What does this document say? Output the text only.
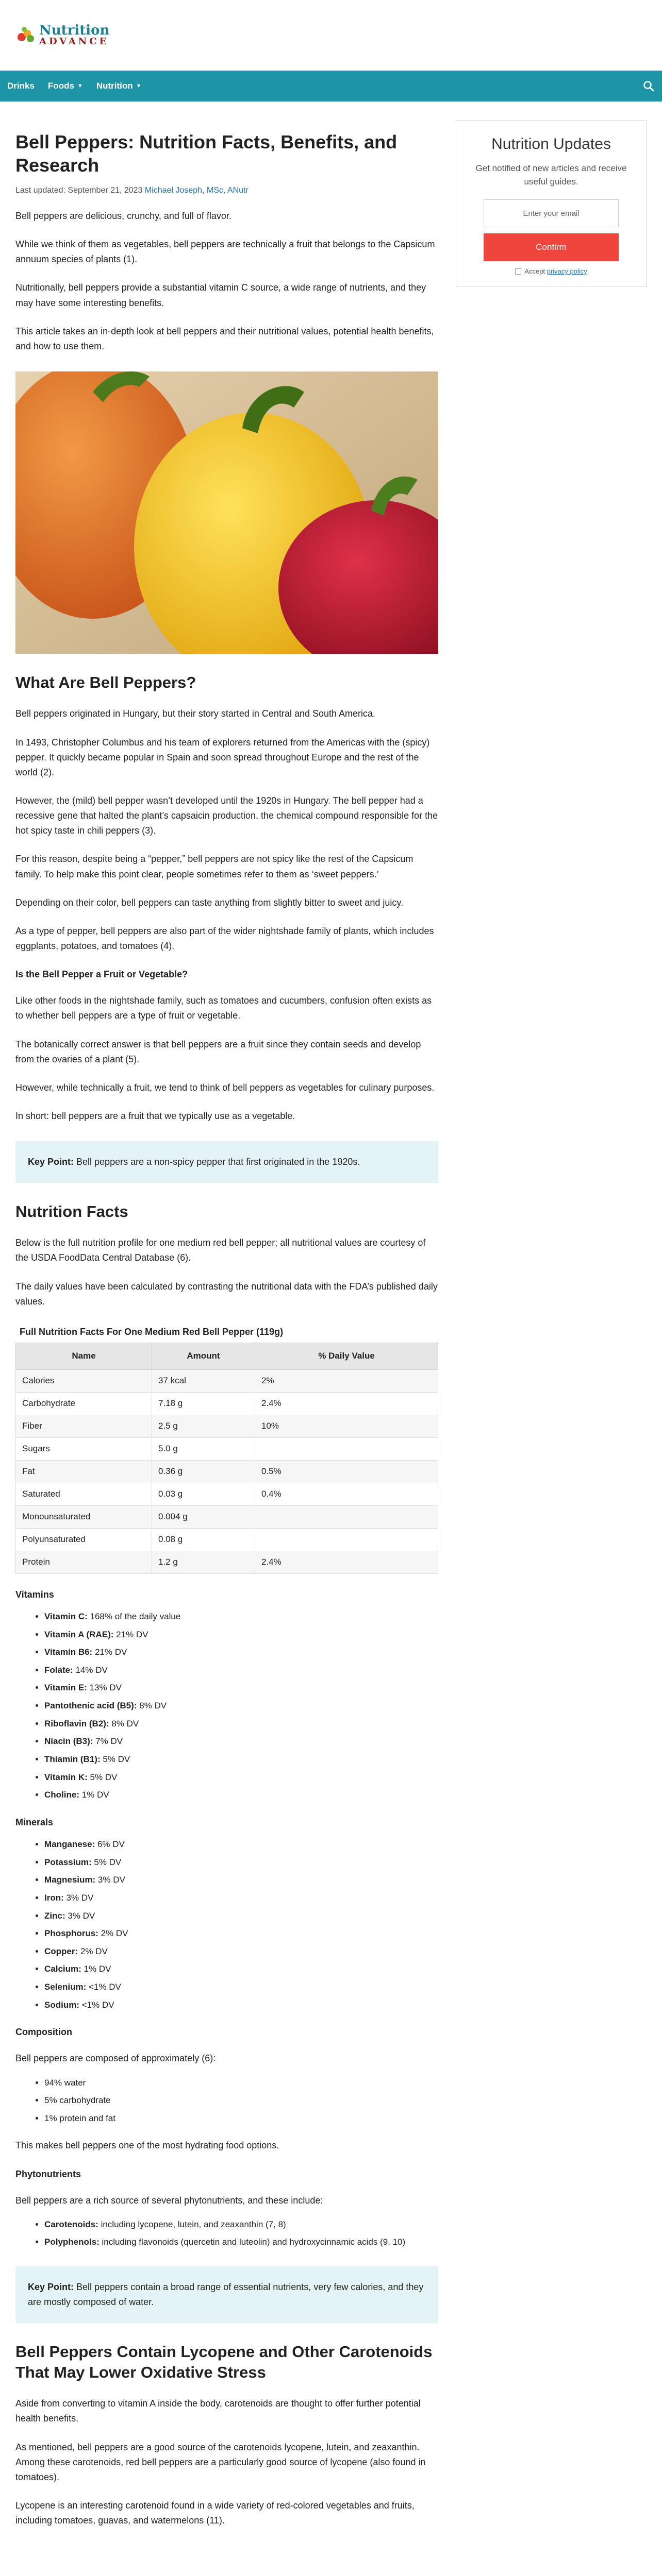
Nutrition
ADVANCE
Drinks Foods ▼ Nutrition ▼
Bell Peppers: Nutrition Facts, Benefits, and Research
Last updated: September 21, 2023 Michael Joseph, MSc, ANutr

Bell peppers are delicious, crunchy, and full of flavor.

While we think of them as vegetables, bell peppers are technically a fruit that belongs to the Capsicum annuum species of plants (1).

Nutritionally, bell peppers provide a substantial vitamin C source, a wide range of nutrients, and they may have some interesting benefits.

This article takes an in-depth look at bell peppers and their nutritional values, potential health benefits, and how to use them.

What Are Bell Peppers?

Bell peppers originated in Hungary, but their story started in Central and South America.

In 1493, Christopher Columbus and his team of explorers returned from the Americas with the (spicy) pepper. It quickly became popular in Spain and soon spread throughout Europe and the rest of the world (2).

However, the (mild) bell pepper wasn’t developed until the 1920s in Hungary. The bell pepper had a recessive gene that halted the plant’s capsaicin production, the chemical compound responsible for the hot spicy taste in chili peppers (3).

For this reason, despite being a “pepper,” bell peppers are not spicy like the rest of the Capsicum family. To help make this point clear, people sometimes refer to them as ‘sweet peppers.’

Depending on their color, bell peppers can taste anything from slightly bitter to sweet and juicy.

As a type of pepper, bell peppers are also part of the wider nightshade family of plants, which includes eggplants, potatoes, and tomatoes (4).

Is the Bell Pepper a Fruit or Vegetable?

Like other foods in the nightshade family, such as tomatoes and cucumbers, confusion often exists as to whether bell peppers are a type of fruit or vegetable.

The botanically correct answer is that bell peppers are a fruit since they contain seeds and develop from the ovaries of a plant (5).

However, while technically a fruit, we tend to think of bell peppers as vegetables for culinary purposes.

In short: bell peppers are a fruit that we typically use as a vegetable.

Key Point: Bell peppers are a non-spicy pepper that first originated in the 1920s.
Nutrition Facts

Below is the full nutrition profile for one medium red bell pepper; all nutritional values are courtesy of the USDA FoodData Central Database (6).

The daily values have been calculated by contrasting the nutritional data with the FDA’s published daily values.

Full Nutrition Facts For One Medium Red Bell Pepper (119g)
Name	Amount	% Daily Value
Calories	37 kcal	2%
Carbohydrate	7.18 g	2.4%
Fiber	2.5 g	10%
Sugars	5.0 g	
Fat	0.36 g	0.5%
Saturated	0.03 g	0.4%
Monounsaturated	0.004 g	
Polyunsaturated	0.08 g	
Protein	1.2 g	2.4%
Vitamins
• Vitamin C: 168% of the daily value
• Vitamin A (RAE): 21% DV
• Vitamin B6: 21% DV
• Folate: 14% DV
• Vitamin E: 13% DV
• Pantothenic acid (B5): 8% DV
• Riboflavin (B2): 8% DV
• Niacin (B3): 7% DV
• Thiamin (B1): 5% DV
• Vitamin K: 5% DV
• Choline: 1% DV
Minerals
• Manganese: 6% DV
• Potassium: 5% DV
• Magnesium: 3% DV
• Iron: 3% DV
• Zinc: 3% DV
• Phosphorus: 2% DV
• Copper: 2% DV
• Calcium: 1% DV
• Selenium: <1% DV
• Sodium: <1% DV
Composition

Bell peppers are composed of approximately (6):

• 94% water
• 5% carbohydrate
• 1% protein and fat

This makes bell peppers one of the most hydrating food options.

Phytonutrients

Bell peppers are a rich source of several phytonutrients, and these include:

• Carotenoids: including lycopene, lutein, and zeaxanthin (7, 8)
• Polyphenols: including flavonoids (quercetin and luteolin) and hydroxycinnamic acids (9, 10)
Key Point: Bell peppers contain a broad range of essential nutrients, very few calories, and they are mostly composed of water.
Bell Peppers Contain Lycopene and Other Carotenoids That May Lower Oxidative Stress

Aside from converting to vitamin A inside the body, carotenoids are thought to offer further potential health benefits.

As mentioned, bell peppers are a good source of the carotenoids lycopene, lutein, and zeaxanthin. Among these carotenoids, red bell peppers are a particularly good source of lycopene (also found in tomatoes).

Lycopene is an interesting carotenoid found in a wide variety of red-colored vegetables and fruits, including tomatoes, guavas, and watermelons (11).

Nutrition Updates
Get notified of new articles and receive useful guides.
Enter your email
Confirm
Accept
privacy policy
